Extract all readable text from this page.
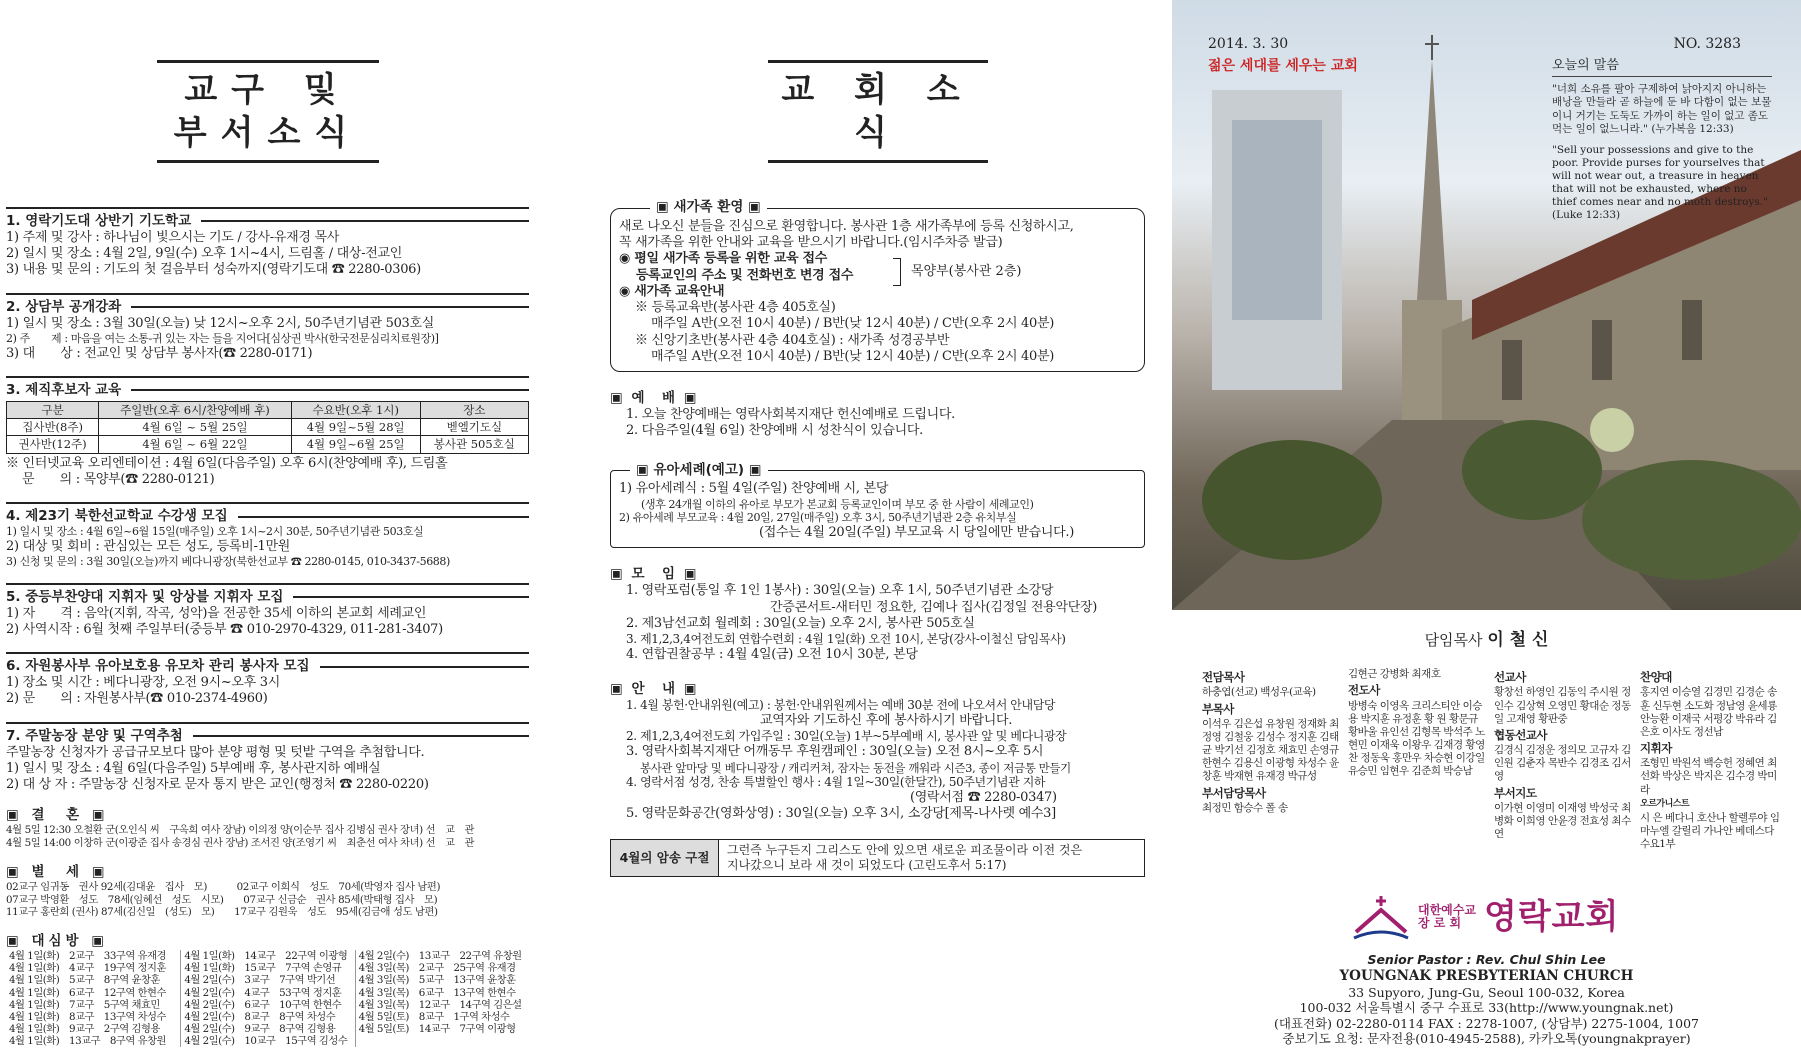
교구 및 부서소식
1. 영락기도대 상반기 기도학교
1) 주제 및 강사 : 하나님이 빛으시는 기도 / 강사-유재경 목사
2) 일시 및 장소 : 4월 2일, 9일(수) 오후 1시~4시, 드림홀 / 대상-전교인
3) 내용 및 문의 : 기도의 첫 걸음부터 성숙까지(영락기도대 ☎ 2280-0306)
2. 상담부 공개강좌
1) 일시 및 장소 : 3월 30일(오늘) 낮 12시~오후 2시, 50주년기념관 503호실
2) 주　　제 : 마음을 여는 소통-귀 있는 자는 들을 지어다[심상권 박사(한국전문심리치료원장)]
3) 대　　상 : 전교인 및 상담부 봉사자(☎ 2280-0171)
3. 제직후보자 교육
구분	주일반(오후 6시/찬양예배 후)	수요반(오후 1시)	장소
집사반(8주)	4월 6일 ~ 5월 25일	4월 9일~5월 28일	벧엘기도실
권사반(12주)	4월 6일 ~ 6월 22일	4월 9일~6월 25일	봉사관 505호실
※ 인터넷교육 오리엔테이션 : 4월 6일(다음주일) 오후 6시(찬양예배 후), 드림홀
문　　의 : 목양부(☎ 2280-0121)
4. 제23기 북한선교학교 수강생 모집
1) 일시 및 장소 : 4월 6일~6월 15일(매주일) 오후 1시~2시 30분, 50주년기념관 503호실
2) 대상 및 회비 : 관심있는 모든 성도, 등록비-1만원
3) 신청 및 문의 : 3월 30일(오늘)까지 베다니광장(북한선교부 ☎ 2280-0145, 010-3437-5688)
5. 중등부찬양대 지휘자 및 앙상블 지휘자 모집
1) 자　　격 : 음악(지휘, 작곡, 성악)을 전공한 35세 이하의 본교회 세례교인
2) 사역시작 : 6월 첫째 주일부터(중등부 ☎ 010-2970-4329, 011-281-3407)
6. 자원봉사부 유아보호용 유모차 관리 봉사자 모집
1) 장소 및 시간 : 베다니광장, 오전 9시~오후 3시
2) 문　　의 : 자원봉사부(☎ 010-2374-4960)
7. 주말농장 분양 및 구역추첨
주말농장 신청자가 공급규모보다 많아 분양 평형 및 텃밭 구역을 추첨합니다.
1) 일시 및 장소 : 4월 6일(다음주일) 5부예배 후, 봉사관지하 예배실
2) 대 상 자 : 주말농장 신청자로 문자 통지 받은 교인(행정처 ☎ 2280-0220)
▣ 결　혼 ▣
4월 5일 12:30 오철환 군(오인식 씨　구옥희 여사 장남) 이의정 양(이순무 집사 김병심 권사 장녀) 선　교　관
4월 5일 14:00 이창하 군(이광준 집사 송경심 권사 장남) 조서진 양(조영기 씨　최춘선 여사 차녀) 선　교　관
▣ 별　세 ▣
02교구 임귀동　권사 92세(김대윤　집사　모)　　　02교구 이희식　성도　70세(박영자 집사 남편)
07교구 박영환　성도　78세(임혜선　성도　시모)　　07교구 신금순　권사 85세(박태형 집사　모)
11교구 홍란희 (권사) 87세(김신일　(성도)　모)　　17교구 김원욱　성도　95세(김금애 성도 남편)
▣ 대심방 ▣
4월 1일(화)　2교구　33구역 유재경
4월 1일(화)　4교구　19구역 정지훈
4월 1일(화)　5교구　8구역 윤창훈
4월 1일(화)　6교구　12구역 한현수
4월 1일(화)　7교구　5구역 채효민
4월 1일(화)　8교구　13구역 차성수
4월 1일(화)　9교구　2구역 김형용
4월 1일(화)　13교구　8구역 유창원
4월 1일(화)　14교구　22구역 이광형
4월 1일(화)　15교구　7구역 손영규
4월 2일(수)　3교구　7구역 박기선
4월 2일(수)　4교구　53구역 정지훈
4월 2일(수)　6교구　10구역 한현수
4월 2일(수)　8교구　8구역 차성수
4월 2일(수)　9교구　8구역 김형용
4월 2일(수)　10교구　15구역 김성수
4월 2일(수)　13교구　22구역 유창원
4월 3일(목)　2교구　25구역 유재경
4월 3일(목)　5교구　13구역 윤창훈
4월 3일(목)　6교구　13구역 한현수
4월 3일(목)　12교구　14구역 김은설
4월 5일(토)　8교구　1구역 차성수
4월 5일(토)　14교구　7구역 이광형
교 회 소 식
▣ 새가족 환영 ▣
새로 나오신 분들을 진심으로 환영합니다. 봉사관 1층 새가족부에 등록 신청하시고,
꼭 새가족을 위한 안내와 교육을 받으시기 바랍니다.(임시주차증 발급)
◉ 평일 새가족 등록을 위한 교육 접수
　 등록교인의 주소 및 전화번호 변경 접수	목양부(봉사관 2층)
◉ 새가족 교육안내
※ 등록교육반(봉사관 4층 405호실)
매주일 A반(오전 10시 40분) / B반(낮 12시 40분) / C반(오후 2시 40분)
※ 신앙기초반(봉사관 4층 404호실) : 새가족 성경공부반
매주일 A반(오전 10시 40분) / B반(낮 12시 40분) / C반(오후 2시 40분)
▣ 예　배 ▣
1. 오늘 찬양예배는 영락사회복지재단 헌신예배로 드립니다.
2. 다음주일(4월 6일) 찬양예배 시 성찬식이 있습니다.
▣ 유아세례(예고) ▣
1) 유아세례식 : 5월 4일(주일) 찬양예배 시, 본당
(생후 24개월 이하의 유아로 부모가 본교회 등록교인이며 부모 중 한 사람이 세례교인)
2) 유아세례 부모교육 : 4월 20일, 27일(매주일) 오후 3시, 50주년기념관 2층 유치부실
(접수는 4월 20일(주일) 부모교육 시 당일에만 받습니다.)
▣ 모　임 ▣
1. 영락포럼(통일 후 1인 1봉사) : 30일(오늘) 오후 1시, 50주년기념관 소강당
간증콘서트-새터민 정요한, 김예나 집사(김정일 전용악단장)
2. 제3남선교회 월례회 : 30일(오늘) 오후 2시, 봉사관 505호실
3. 제1,2,3,4여전도회 연합수련회 : 4월 1일(화) 오전 10시, 본당(강사-이철신 담임목사)
4. 연합권찰공부 : 4월 4일(금) 오전 10시 30분, 본당
▣ 안　내 ▣
1. 4월 봉헌·안내위원(예고) : 봉헌·안내위원께서는 예배 30분 전에 나오셔서 안내담당
교역자와 기도하신 후에 봉사하시기 바랍니다.
2. 제1,2,3,4여전도회 가입주일 : 30일(오늘) 1부~5부예배 시, 봉사관 앞 및 베다니광장
3. 영락사회복지재단 어깨동무 후원캠페인 : 30일(오늘) 오전 8시~오후 5시
봉사관 앞마당 및 베다니광장 / 캐리커쳐, 잠자는 동전을 깨워라 시즌3, 종이 저금통 만들기
4. 영락서점 성경, 찬송 특별할인 행사 : 4월 1일~30일(한달간), 50주년기념관 지하
(영락서점 ☎ 2280-0347)
5. 영락문화공간(영화상영) : 30일(오늘) 오후 3시, 소강당[제목-나사렛 예수3]
4월의 암송 구절
그런즉 누구든지 그리스도 안에 있으면 새로운 피조물이라 이전 것은
지나갔으니 보라 새 것이 되었도다 (고린도후서 5:17)
2014. 3. 30	NO. 3283
젊은 세대를 세우는 교회	오늘의 말씀
"너희 소유를 팔아 구제하여 낡아지지 아니하는 배낭을 만들라 곧 하늘에 둔 바 다함이 없는 보물이니 거기는 도둑도 가까이 하는 일이 없고 좀도 먹는 일이 없느니라." (누가복음 12:33)
"Sell your possessions and give to the poor. Provide purses for yourselves that will not wear out, a treasure in heaven that will not be exhausted, where no thief comes near and no moth destroys." (Luke 12:33)
담임목사 이 철 신
전담목사
하충엽(선교) 백성우(교육)
부목사
이석우 김은섭 유창원 정재화 최정영 김철웅 김성수 정지훈 김태균 박기선 김정호 채효민 손영규 한현수 김용신 이광형 차성수 윤창훈 박재현 유재경 박규성
부서담당목사
최정민 함승수 폴 송
김현근 강병화 최재호
전도사
방병숙 이영옥 크리스티안 이승용 박지훈 유정훈 황 원 황문규 황바울 유인선 김형목 박석주 노현민 이재욱 이왕우 김재경 황영찬 정동욱 홍만우 차승현 이강일 유승민 임현우 김준희 박승남
선교사
황창선 하영인 김동익 주시원 정인수 김상혁 오영민 황대순 정동일 고재영 황판중
협동선교사
김경식 김정운 정의모 고규자 김인원 김춘자 목반수 김경조 김서영
부서지도
이가현 이영미 이재영 박성국 최병화 이희영 안윤경 전효성 최수연
찬양대
홍지연 이승열 김경민 김경순 송 훈 신두현 소도화 정남영 윤세룡 안능환 이재국 서평강 박유라 김은호 이사도 정선남
지휘자
조형민 박원석 백승헌 정혜연 최선화 박상은 박지은 김수경 박미라
오르가니스트
시 은 베다니 호산나 할렐루야 임마누엘 갈릴리 가나안 베데스다 수요1부
대한예수교
장 로 회 영락교회
Senior Pastor : Rev. Chul Shin Lee
YOUNGNAK PRESBYTERIAN CHURCH
33 Supyoro, Jung-Gu, Seoul 100-032, Korea
100-032 서울특별시 중구 수표로 33(http://www.youngnak.net)
(대표전화) 02-2280-0114 FAX : 2278-1007, (상담부) 2275-1004, 1007
중보기도 요청: 문자전용(010-4945-2588), 카카오톡(youngnakprayer)
